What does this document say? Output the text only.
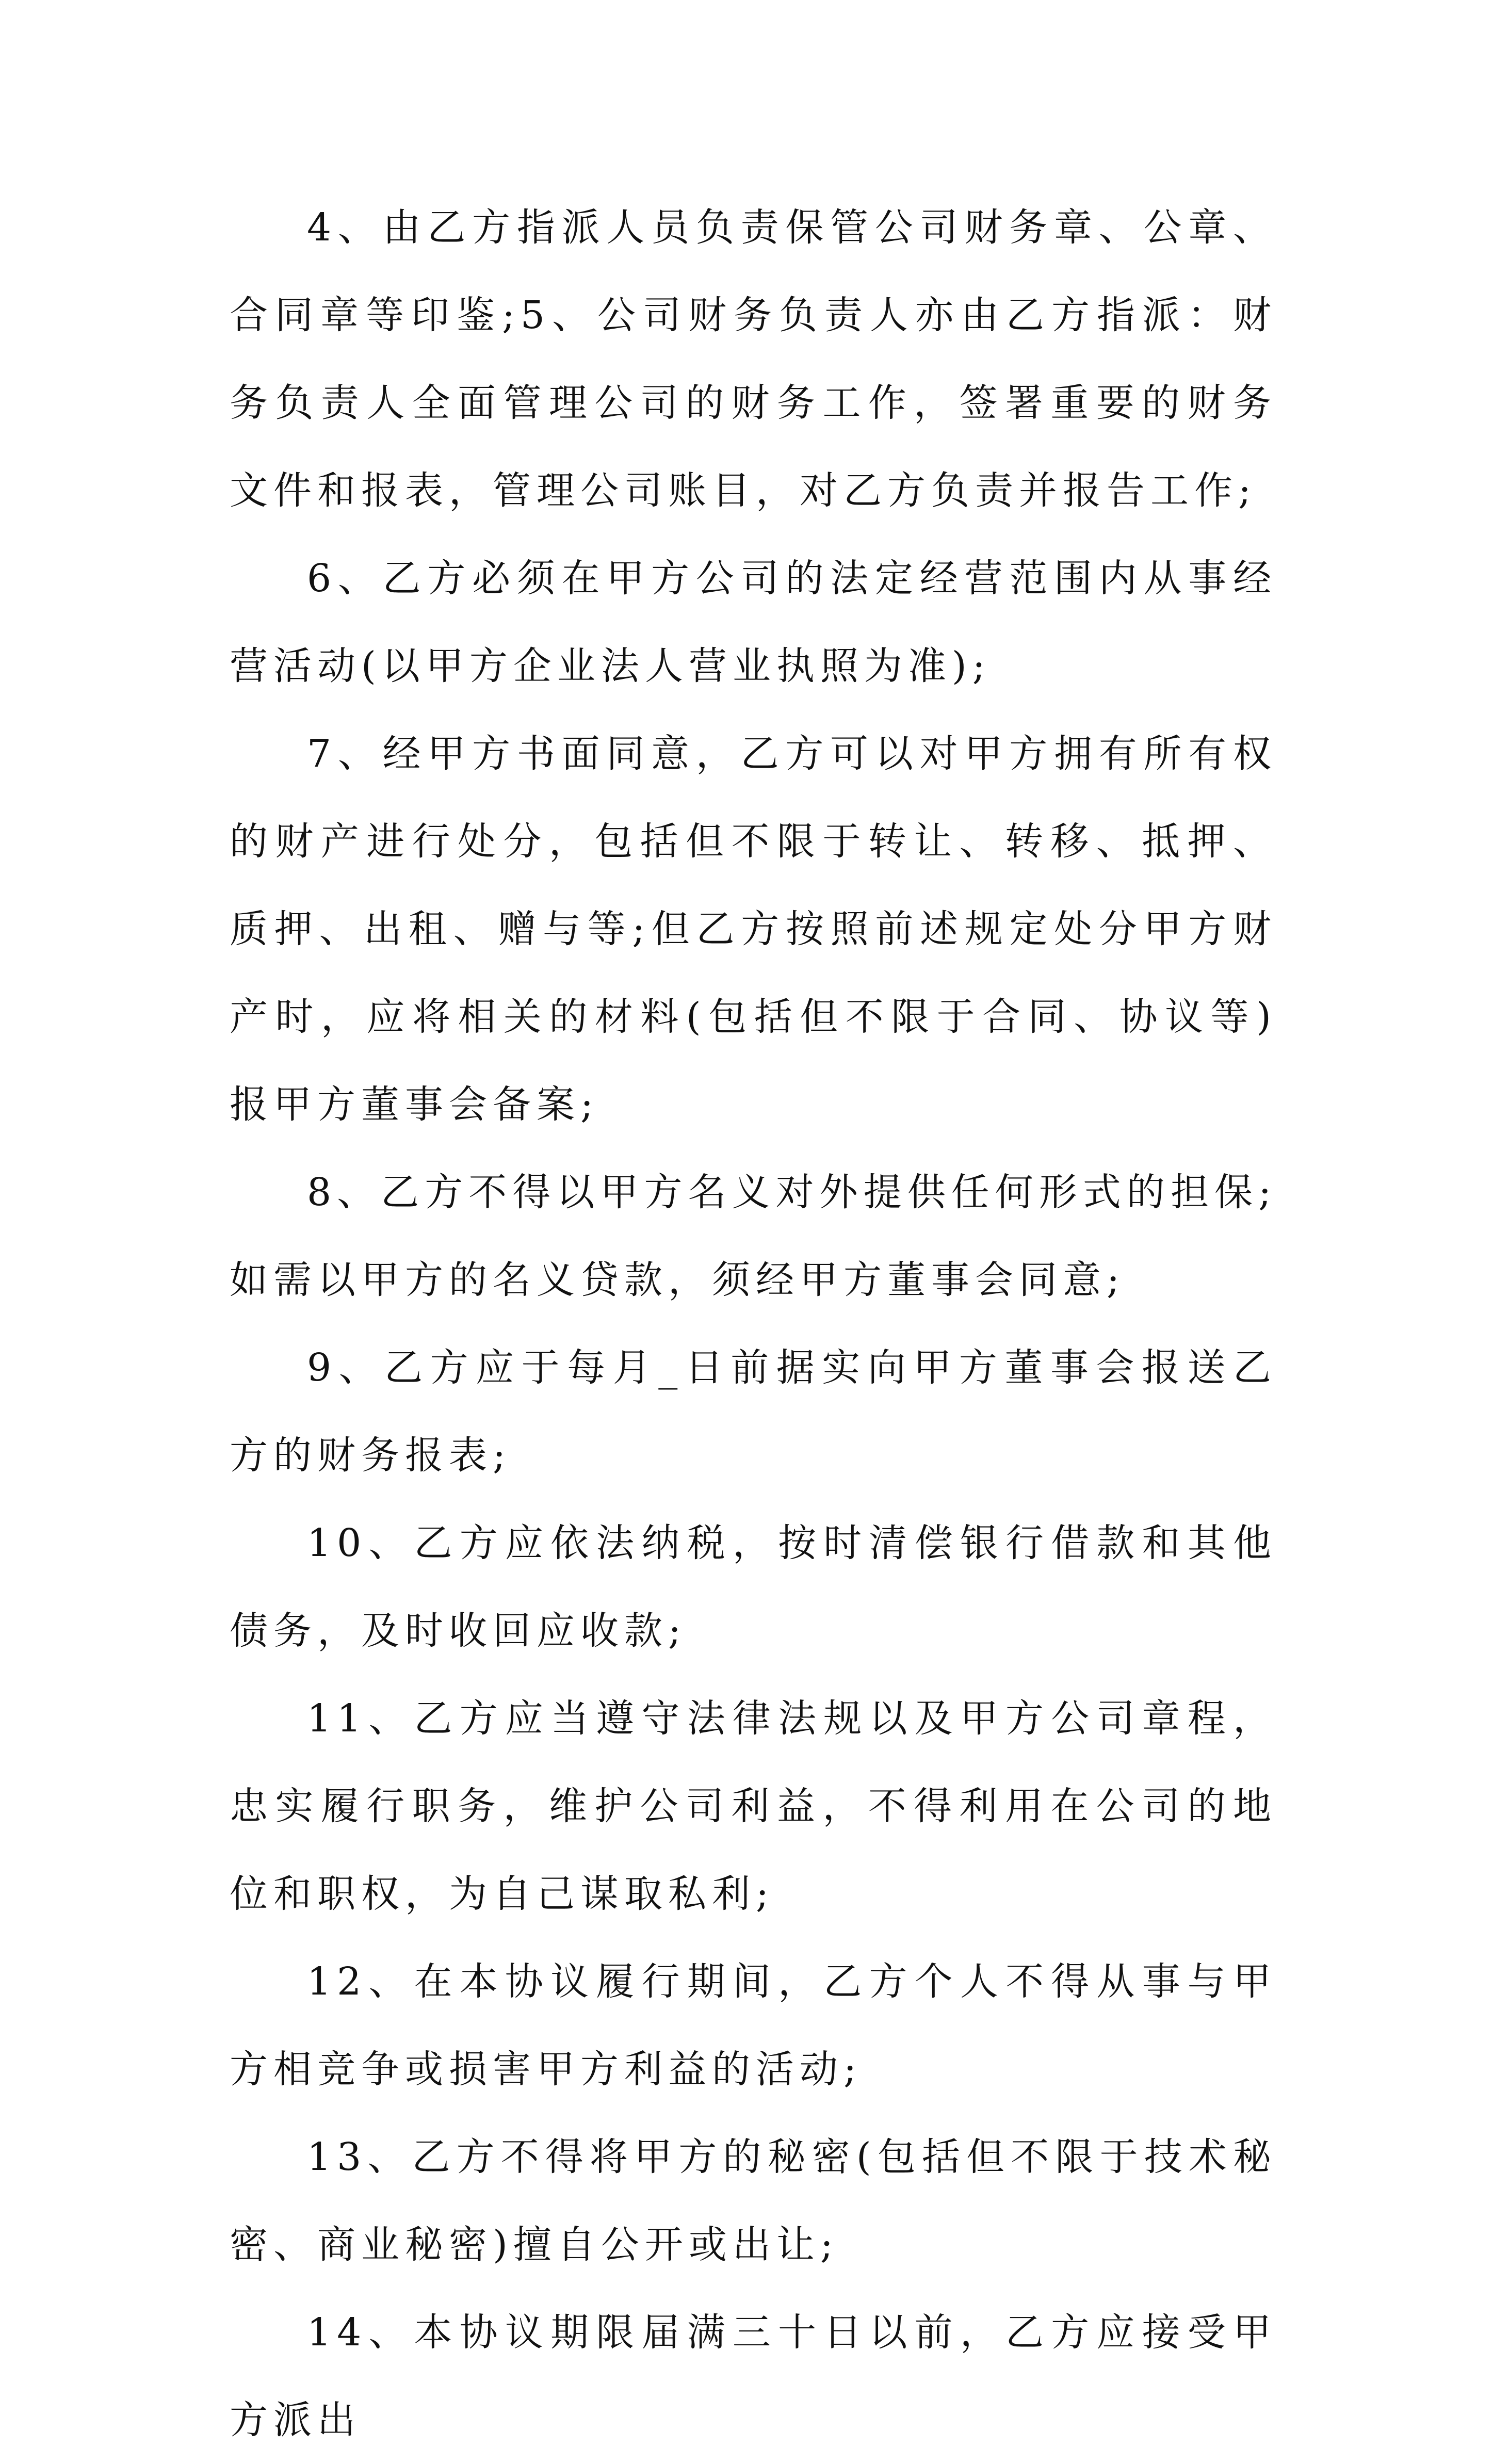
4、由乙方指派人员负责保管公司财务章、公章、合同章等印鉴;5、公司财务负责人亦由乙方指派：财务负责人全面管理公司的财务工作，签署重要的财务文件和报表，管理公司账目，对乙方负责并报告工作;

6、乙方必须在甲方公司的法定经营范围内从事经营活动(以甲方企业法人营业执照为准);

7、经甲方书面同意，乙方可以对甲方拥有所有权的财产进行处分，包括但不限于转让、转移、抵押、质押、出租、赠与等;但乙方按照前述规定处分甲方财产时，应将相关的材料(包括但不限于合同、协议等)报甲方董事会备案;

8、乙方不得以甲方名义对外提供任何形式的担保;如需以甲方的名义贷款，须经甲方董事会同意;

9、乙方应于每月_日前据实向甲方董事会报送乙方的财务报表;

10、乙方应依法纳税，按时清偿银行借款和其他债务，及时收回应收款;

11、乙方应当遵守法律法规以及甲方公司章程，忠实履行职务，维护公司利益，不得利用在公司的地位和职权，为自己谋取私利;

12、在本协议履行期间，乙方个人不得从事与甲方相竞争或损害甲方利益的活动;

13、乙方不得将甲方的秘密(包括但不限于技术秘密、商业秘密)擅自公开或出让;

14、本协议期限届满三十日以前，乙方应接受甲方派出
